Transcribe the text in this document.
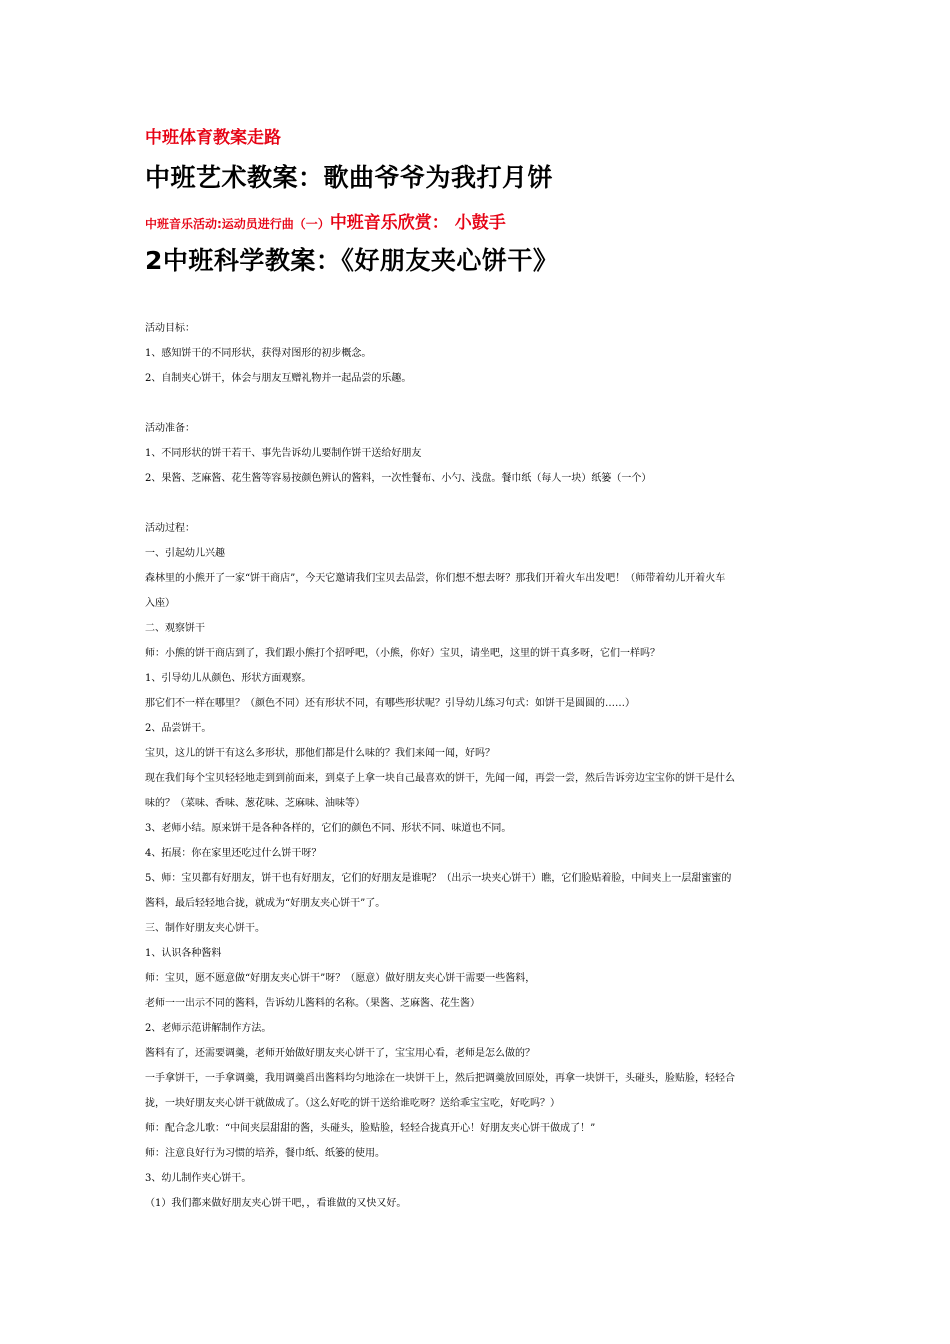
中班体育教案走路
中班艺术教案：歌曲爷爷为我打月饼
中班音乐活动:运动员进行曲（一）中班音乐欣赏： 小鼓手
2中班科学教案：《好朋友夹心饼干》
活动目标：
1、感知饼干的不同形状，获得对图形的初步概念。
2、自制夹心饼干，体会与朋友互赠礼物并一起品尝的乐趣。
活动准备：
1、不同形状的饼干若干、事先告诉幼儿要制作饼干送给好朋友
2、果酱、芝麻酱、花生酱等容易按颜色辨认的酱料，一次性餐布、小勺、浅盘。餐巾纸（每人一块）纸篓（一个）
活动过程：
一、引起幼儿兴趣
森林里的小熊开了一家“饼干商店”，今天它邀请我们宝贝去品尝，你们想不想去呀？那我们开着火车出发吧！（师带着幼儿开着火车
入座）
二、观察饼干
师：小熊的饼干商店到了，我们跟小熊打个招呼吧，（小熊，你好）宝贝，请坐吧，这里的饼干真多呀，它们一样吗？
1、引导幼儿从颜色、形状方面观察。
那它们不一样在哪里？（颜色不同）还有形状不同，有哪些形状呢？引导幼儿练习句式：如饼干是圆圆的……）
2、品尝饼干。
宝贝，这儿的饼干有这么多形状，那他们都是什么味的？我们来闻一闻，好吗？
现在我们每个宝贝轻轻地走到到前面来，到桌子上拿一块自己最喜欢的饼干，先闻一闻，再尝一尝，然后告诉旁边宝宝你的饼干是什么
味的？（菜味、香味、葱花味、芝麻味、油味等）
3、老师小结。原来饼干是各种各样的，它们的颜色不同、形状不同、味道也不同。
4、拓展：你在家里还吃过什么饼干呀？
5、师：宝贝都有好朋友，饼干也有好朋友，它们的好朋友是谁呢？（出示一块夹心饼干）瞧，它们脸贴着脸，中间夹上一层甜蜜蜜的
酱料，最后轻轻地合拢，就成为“好朋友夹心饼干”了。
三、制作好朋友夹心饼干。
1、认识各种酱料
师：宝贝，愿不愿意做“好朋友夹心饼干”呀？（愿意）做好朋友夹心饼干需要一些酱料，
老师一一出示不同的酱料，告诉幼儿酱料的名称。（果酱、芝麻酱、花生酱）
2、老师示范讲解制作方法。
酱料有了，还需要调羹，老师开始做好朋友夹心饼干了，宝宝用心看，老师是怎么做的？
一手拿饼干，一手拿调羹，我用调羹舀出酱料均匀地涂在一块饼干上，然后把调羹放回原处，再拿一块饼干，头碰头，脸贴脸，轻轻合
拢，一块好朋友夹心饼干就做成了。（这么好吃的饼干送给谁吃呀？送给乖宝宝吃，好吃吗？）
师：配合念儿歌：“中间夹层甜甜的酱，头碰头，脸贴脸，轻轻合拢真开心！好朋友夹心饼干做成了！”
师：注意良好行为习惯的培养，餐巾纸、纸篓的使用。
3、幼儿制作夹心饼干。
（1）我们都来做好朋友夹心饼干吧，，看谁做的又快又好。
